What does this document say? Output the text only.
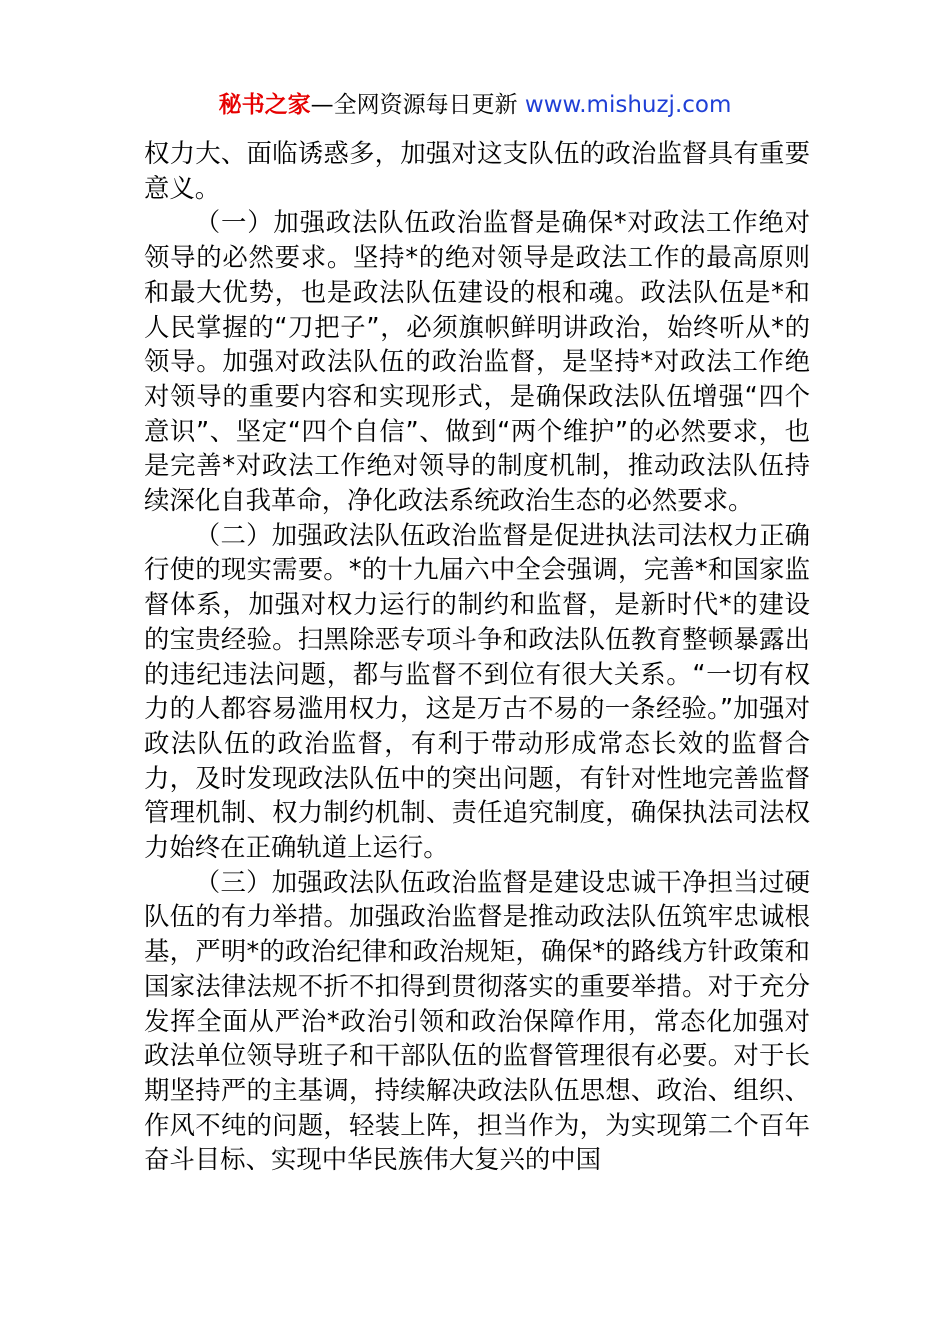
秘书之家—全网资源每日更新 www.mishuzj.com

权力大、面临诱惑多，加强对这支队伍的政治监督具有重要意义。

（一）加强政法队伍政治监督是确保*对政法工作绝对领导的必然要求。坚持*的绝对领导是政法工作的最高原则和最大优势，也是政法队伍建设的根和魂。政法队伍是*和人民掌握的“刀把子”，必须旗帜鲜明讲政治，始终听从*的领导。加强对政法队伍的政治监督，是坚持*对政法工作绝对领导的重要内容和实现形式，是确保政法队伍增强“四个意识”、坚定“四个自信”、做到“两个维护”的必然要求，也是完善*对政法工作绝对领导的制度机制，推动政法队伍持续深化自我革命，净化政法系统政治生态的必然要求。

（二）加强政法队伍政治监督是促进执法司法权力正确行使的现实需要。*的十九届六中全会强调，完善*和国家监督体系，加强对权力运行的制约和监督，是新时代*的建设的宝贵经验。扫黑除恶专项斗争和政法队伍教育整顿暴露出的违纪违法问题，都与监督不到位有很大关系。“一切有权力的人都容易滥用权力，这是万古不易的一条经验。”加强对政法队伍的政治监督，有利于带动形成常态长效的监督合力，及时发现政法队伍中的突出问题，有针对性地完善监督管理机制、权力制约机制、责任追究制度，确保执法司法权力始终在正确轨道上运行。

（三）加强政法队伍政治监督是建设忠诚干净担当过硬队伍的有力举措。加强政治监督是推动政法队伍筑牢忠诚根基，严明*的政治纪律和政治规矩，确保*的路线方针政策和国家法律法规不折不扣得到贯彻落实的重要举措。对于充分发挥全面从严治*政治引领和政治保障作用，常态化加强对政法单位领导班子和干部队伍的监督管理很有必要。对于长期坚持严的主基调，持续解决政法队伍思想、政治、组织、作风不纯的问题，轻装上阵，担当作为，为实现第二个百年奋斗目标、实现中华民族伟大复兴的中国
